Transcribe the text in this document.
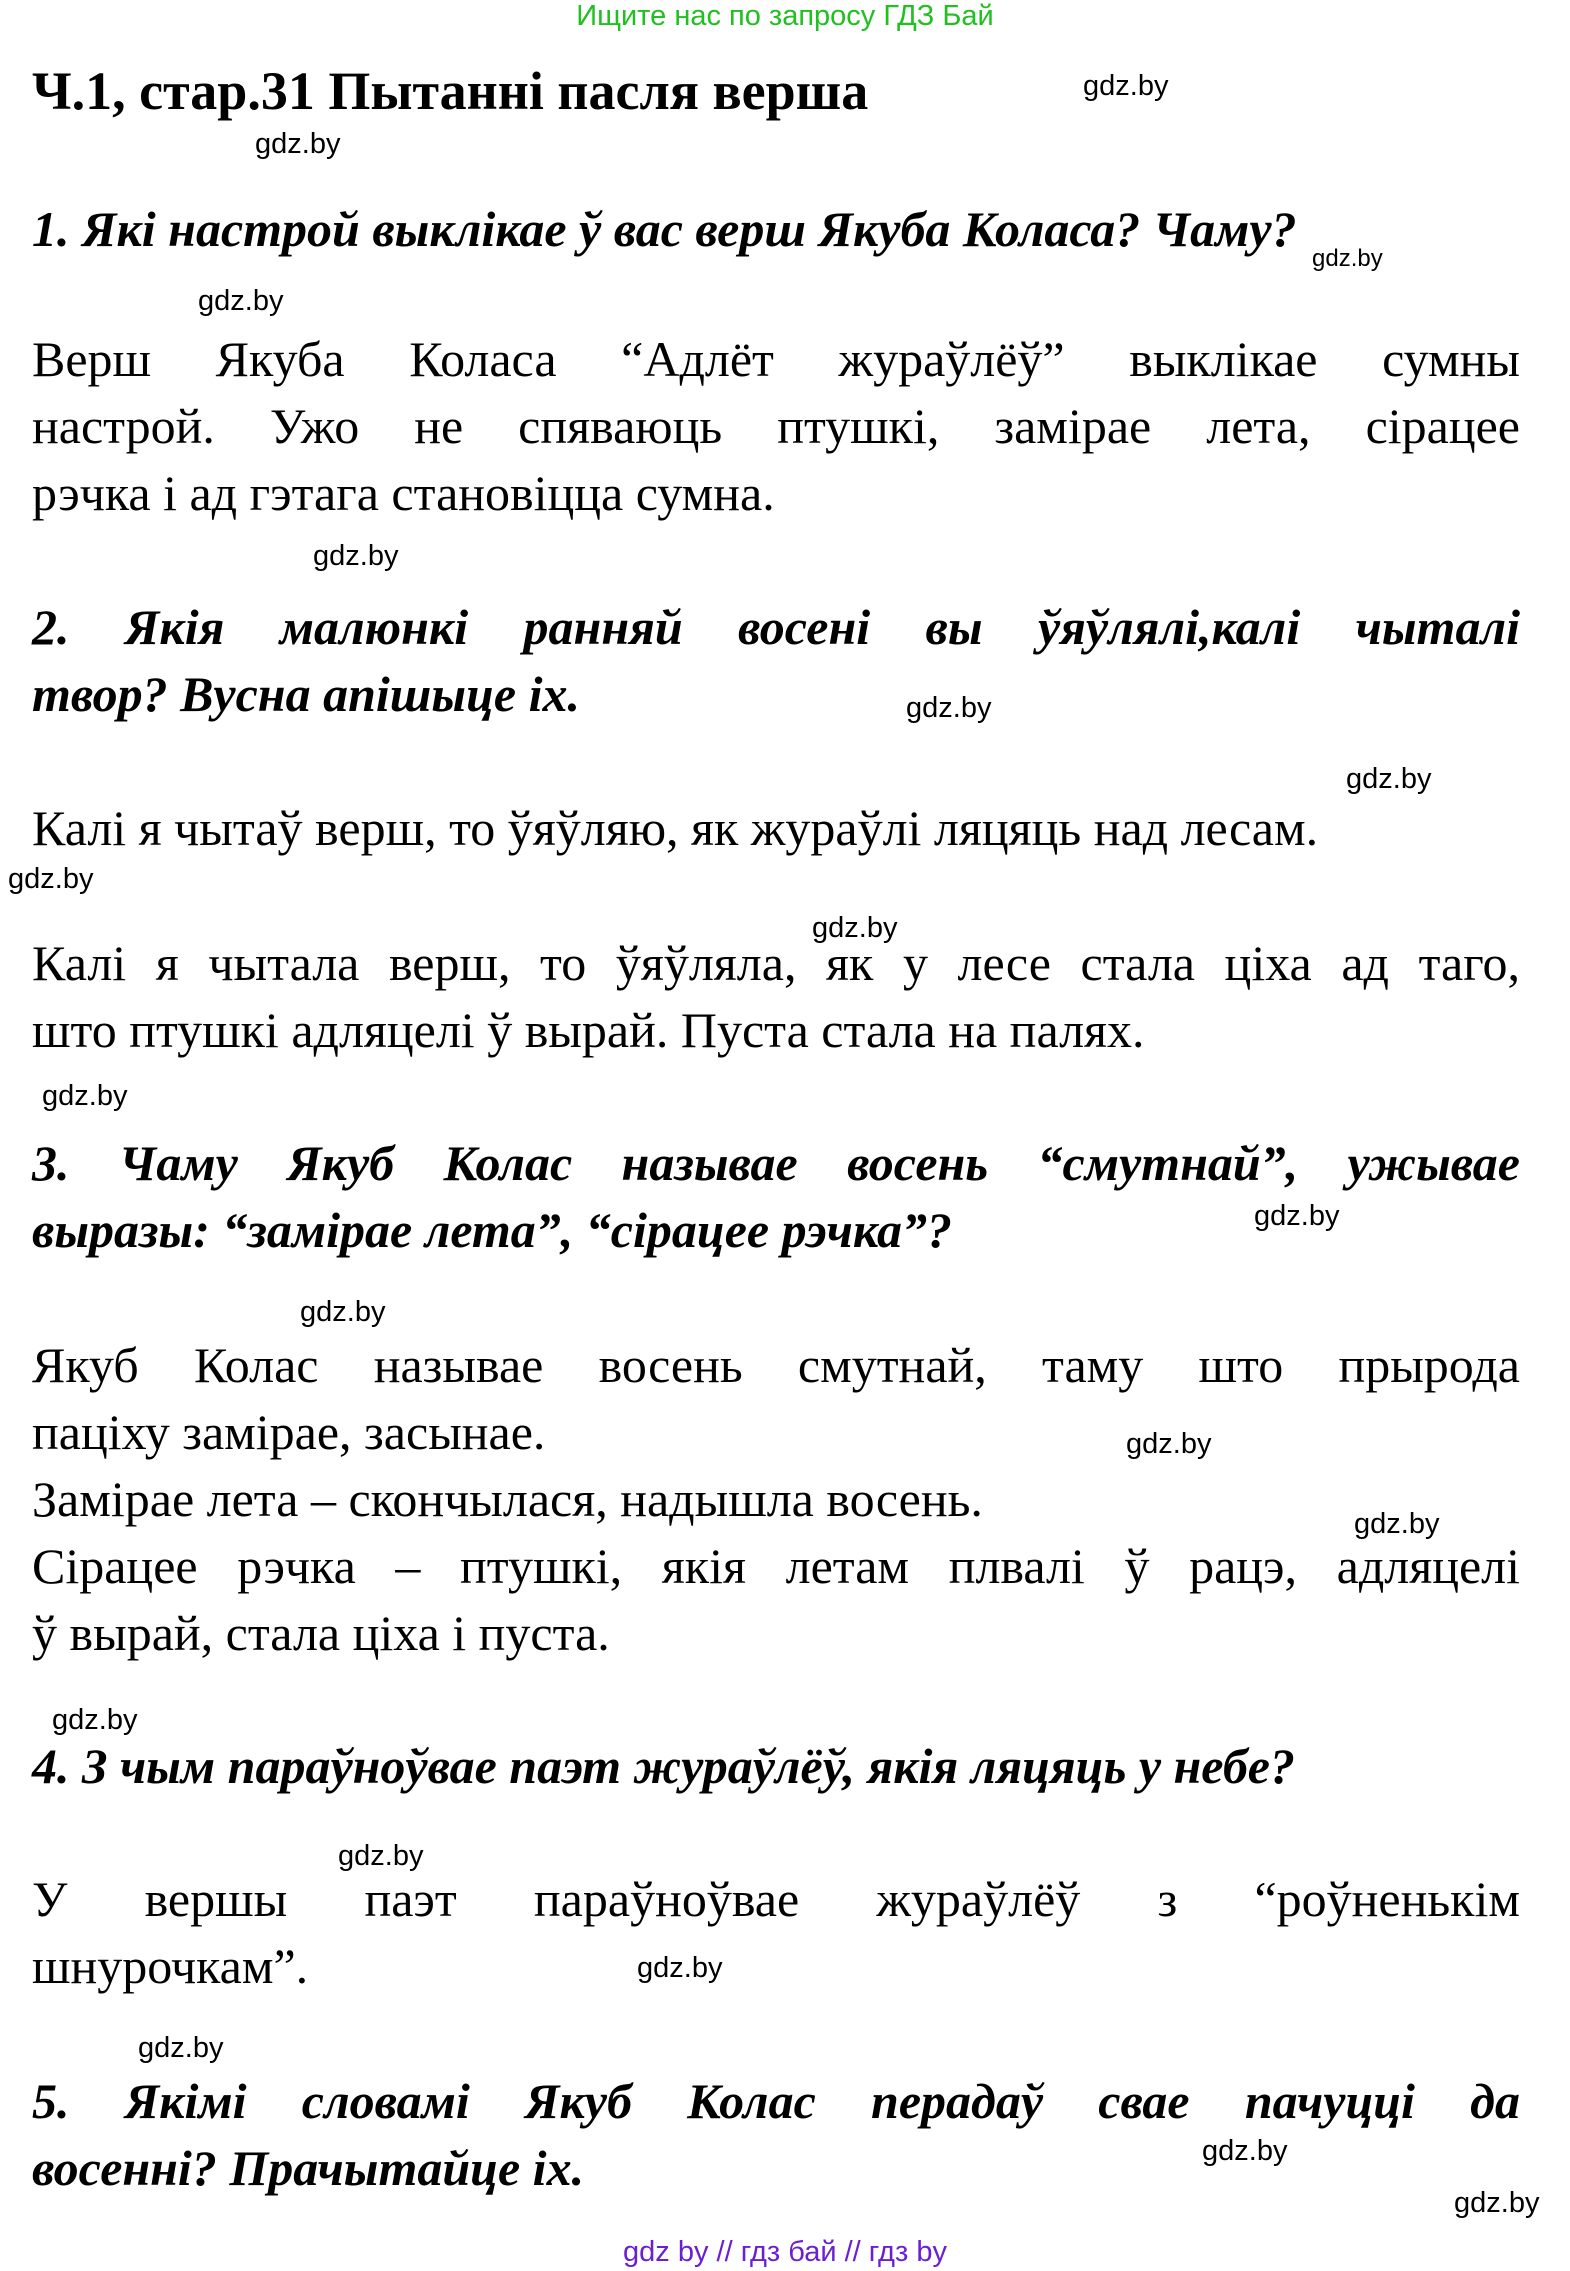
Ищите нас по запросу ГДЗ Бай
Ч.1, стар.31 Пытанні пасля верша
1. Які настрой выклікае ў вас верш Якуба Коласа? Чаму?
Верш Якуба Коласа “Адлёт жураўлёў” выклікае сумны
настрой. Ужо не спяваюць птушкі, замірае лета, сірацее
рэчка і ад гэтага становіцца сумна.
2. Якія малюнкі ранняй восені вы ўяўлялі,калі чыталі
твор? Вусна апішыце іх.
Калі я чытаў верш, то ўяўляю, як жураўлі ляцяць над лесам.
Калі я чытала верш, то ўяўляла, як у лесе стала ціха ад таго,
што птушкі адляцелі ў вырай. Пуста стала на палях.
3. Чаму Якуб Колас называе восень “смутнай”, ужывае
выразы: “замірае лета”, “сірацее рэчка”?
Якуб Колас называе восень смутнай, таму што прырода
паціху замірае, засынае.
Замірае лета – скончылася, надышла восень.
Сірацее рэчка – птушкі, якія летам плвалі ў рацэ, адляцелі
ў вырай, стала ціха і пуста.
4. З чым параўноўвае паэт жураўлёў, якія ляцяць у небе?
У вершы паэт параўноўвае жураўлёў з “роўненькім
шнурочкам”.
5. Якімі словамі Якуб Колас перадаў свае пачуцці да
восенні? Прачытайце іх.
gdz.by
gdz.by
gdz.by
gdz.by
gdz.by
gdz.by
gdz.by
gdz.by
gdz.by
gdz.by
gdz.by
gdz.by
gdz.by
gdz.by
gdz.by
gdz.by
gdz.by
gdz.by
gdz.by
gdz.by
gdz by // гдз бай // гдз by
